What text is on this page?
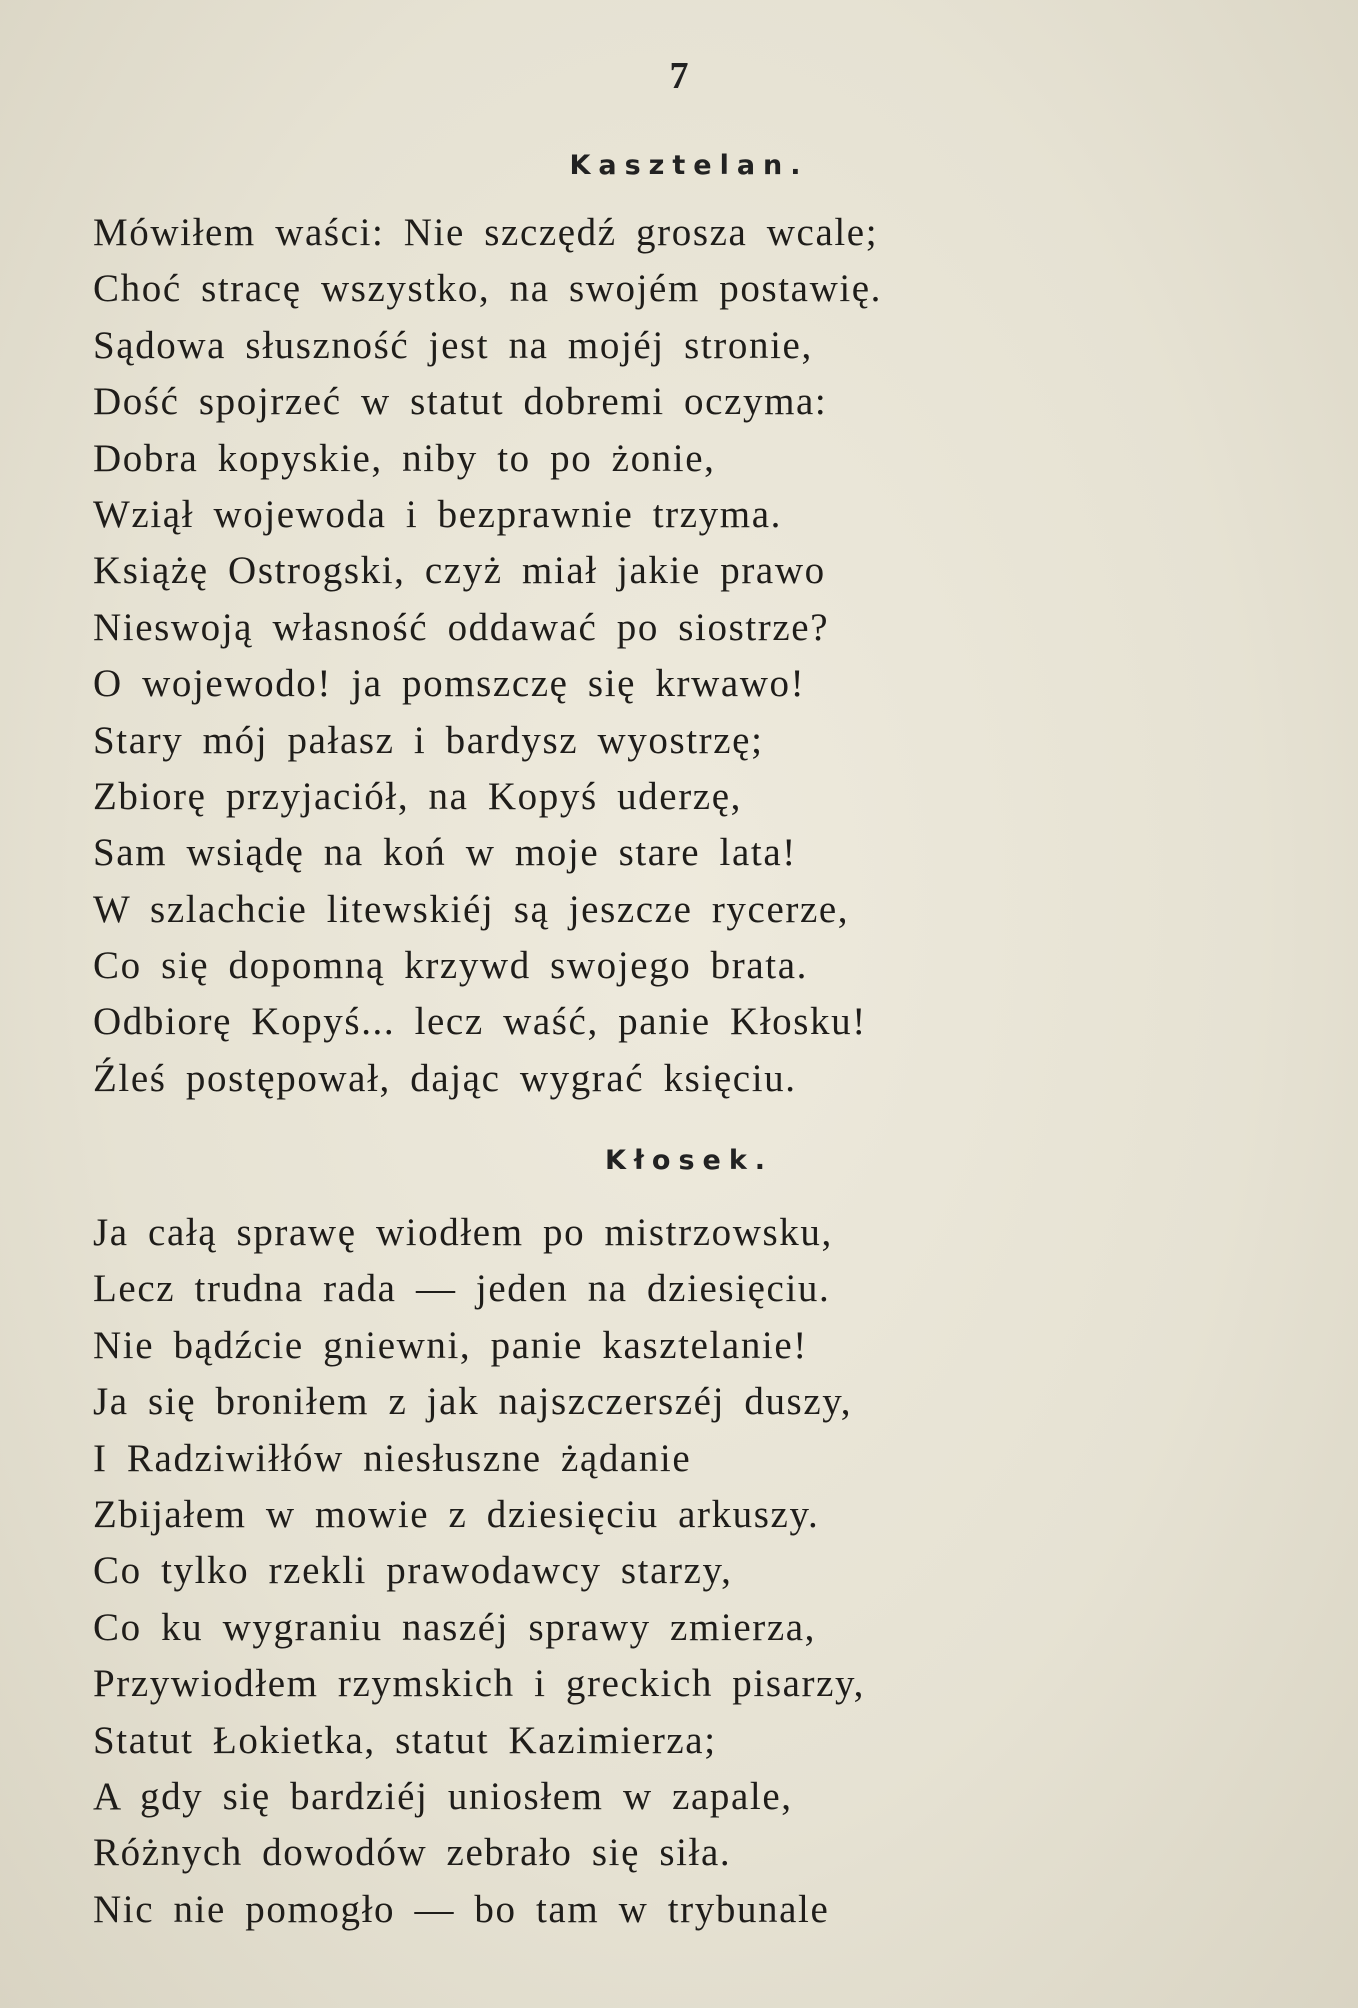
7
Kasztelan.
Mówiłem waści: Nie szczędź grosza wcale;
Choć stracę wszystko, na swojém postawię.
Sądowa słuszność jest na mojéj stronie,
Dość spojrzeć w statut dobremi oczyma:
Dobra kopyskie, niby to po żonie,
Wziął wojewoda i bezprawnie trzyma.
Książę Ostrogski, czyż miał jakie prawo
Nieswoją własność oddawać po siostrze?
O wojewodo! ja pomszczę się krwawo!
Stary mój pałasz i bardysz wyostrzę;
Zbiorę przyjaciół, na Kopyś uderzę,
Sam wsiądę na koń w moje stare lata!
W szlachcie litewskiéj są jeszcze rycerze,
Co się dopomną krzywd swojego brata.
Odbiorę Kopyś... lecz waść, panie Kłosku!
Źleś postępował, dając wygrać księciu.
Kłosek.
Ja całą sprawę wiodłem po mistrzowsku,
Lecz trudna rada — jeden na dziesięciu.
Nie bądźcie gniewni, panie kasztelanie!
Ja się broniłem z jak najszczerszéj duszy,
I Radziwiłłów niesłuszne żądanie
Zbijałem w mowie z dziesięciu arkuszy.
Co tylko rzekli prawodawcy starzy,
Co ku wygraniu naszéj sprawy zmierza,
Przywiodłem rzymskich i greckich pisarzy,
Statut Łokietka, statut Kazimierza;
A gdy się bardziéj uniosłem w zapale,
Różnych dowodów zebrało się siła.
Nic nie pomogło — bo tam w trybunale
